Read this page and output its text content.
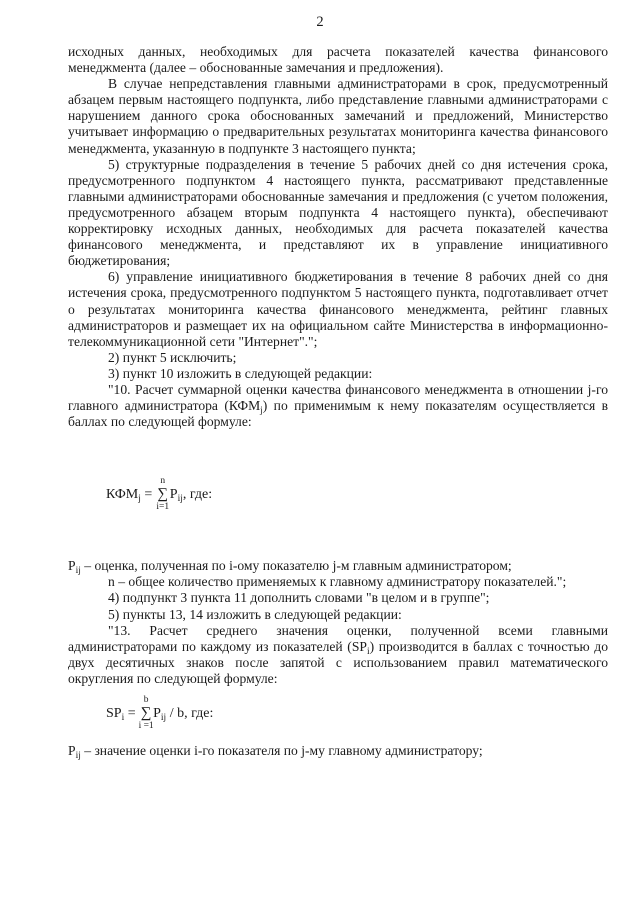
2

исходных данных, необходимых для расчета показателей качества финансового менеджмента (далее – обоснованные замечания и предложения).

В случае непредставления главными администраторами в срок, предусмотренный абзацем первым настоящего подпункта, либо представление главными администраторами с нарушением данного срока обоснованных замечаний и предложений, Министерство учитывает информацию о предварительных результатах мониторинга качества финансового менеджмента, указанную в подпункте 3 настоящего пункта;

5) структурные подразделения в течение 5 рабочих дней со дня истечения срока, предусмотренного подпунктом 4 настоящего пункта, рассматривают представленные главными администраторами обоснованные замечания и предложения (с учетом положения, предусмотренного абзацем вторым подпункта 4 настоящего пункта), обеспечивают корректировку исходных данных, необходимых для расчета показателей качества финансового менеджмента, и представляют их в управление инициативного бюджетирования;

6) управление инициативного бюджетирования в течение 8 рабочих дней со дня истечения срока, предусмотренного подпунктом 5 настоящего пункта, подготавливает отчет о результатах мониторинга качества финансового менеджмента, рейтинг главных администраторов и размещает их на официальном сайте Министерства в информационно-телекоммуникационной сети "Интернет".";

2) пункт 5 исключить;

3) пункт 10 изложить в следующей редакции:

"10. Расчет суммарной оценки качества финансового менеджмента в отношении j-го главного администратора $(КФМ_j)$ по применимым к нему показателям осуществляется в баллах по следующей формуле:

$КФМ_j$ =
n
∑
i=1
$P_{ij}$, где:

$P_{ij}$ – оценка, полученная по i-ому показателю j-м главным администратором;

n – общее количество применяемых к главному администратору показателей.";

4) подпункт 3 пункта 11 дополнить словами "в целом и в группе";

5) пункты 13, 14 изложить в следующей редакции:

"13. Расчет среднего значения оценки, полученной всеми главными администраторами по каждому из показателей $(SP_i)$ производится в баллах с точностью до двух десятичных знаков после запятой с использованием правил математического округления по следующей формуле:

$SP_i$ =
b
∑
i =1
$P_{ij}$ / b, где:

$P_{ij}$ – значение оценки i-го показателя по j-му главному администратору;
